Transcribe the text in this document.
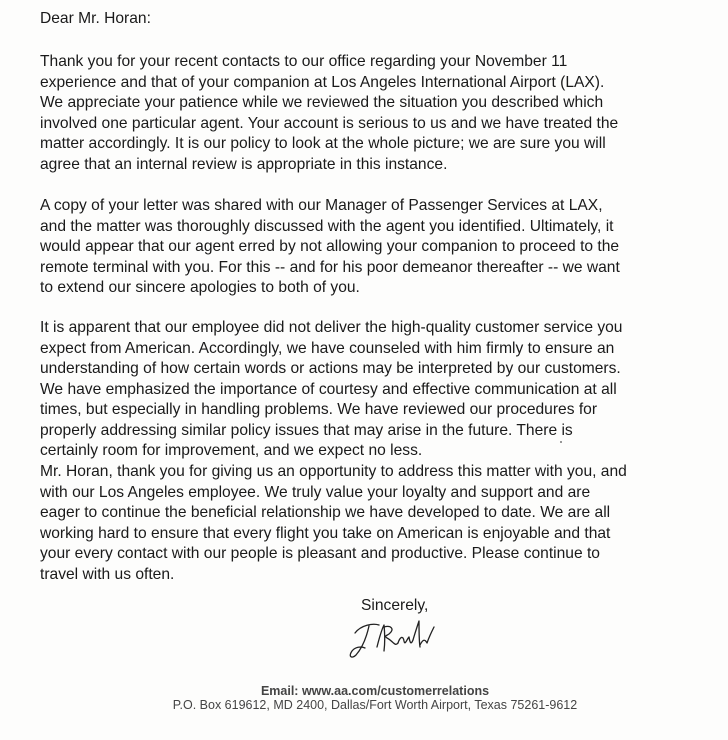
Dear Mr. Horan:

Thank you for your recent contacts to our office regarding your November 11
experience and that of your companion at Los Angeles International Airport (LAX).
We appreciate your patience while we reviewed the situation you described which
involved one particular agent. Your account is serious to us and we have treated the
matter accordingly. It is our policy to look at the whole picture; we are sure you will
agree that an internal review is appropriate in this instance.

A copy of your letter was shared with our Manager of Passenger Services at LAX,
and the matter was thoroughly discussed with the agent you identified. Ultimately, it
would appear that our agent erred by not allowing your companion to proceed to the
remote terminal with you. For this -- and for his poor demeanor thereafter -- we want
to extend our sincere apologies to both of you.

It is apparent that our employee did not deliver the high-quality customer service you
expect from American. Accordingly, we have counseled with him firmly to ensure an
understanding of how certain words or actions may be interpreted by our customers.
We have emphasized the importance of courtesy and effective communication at all
times, but especially in handling problems. We have reviewed our procedures for
properly addressing similar policy issues that may arise in the future. There is
certainly room for improvement, and we expect no less.

Mr. Horan, thank you for giving us an opportunity to address this matter with you, and
with our Los Angeles employee. We truly value your loyalty and support and are
eager to continue the beneficial relationship we have developed to date. We are all
working hard to ensure that every flight you take on American is enjoyable and that
your every contact with our people is pleasant and productive. Please continue to
travel with us often.

Sincerely,
Email: www.aa.com/customerrelations
P.O. Box 619612, MD 2400, Dallas/Fort Worth Airport, Texas 75261-9612
